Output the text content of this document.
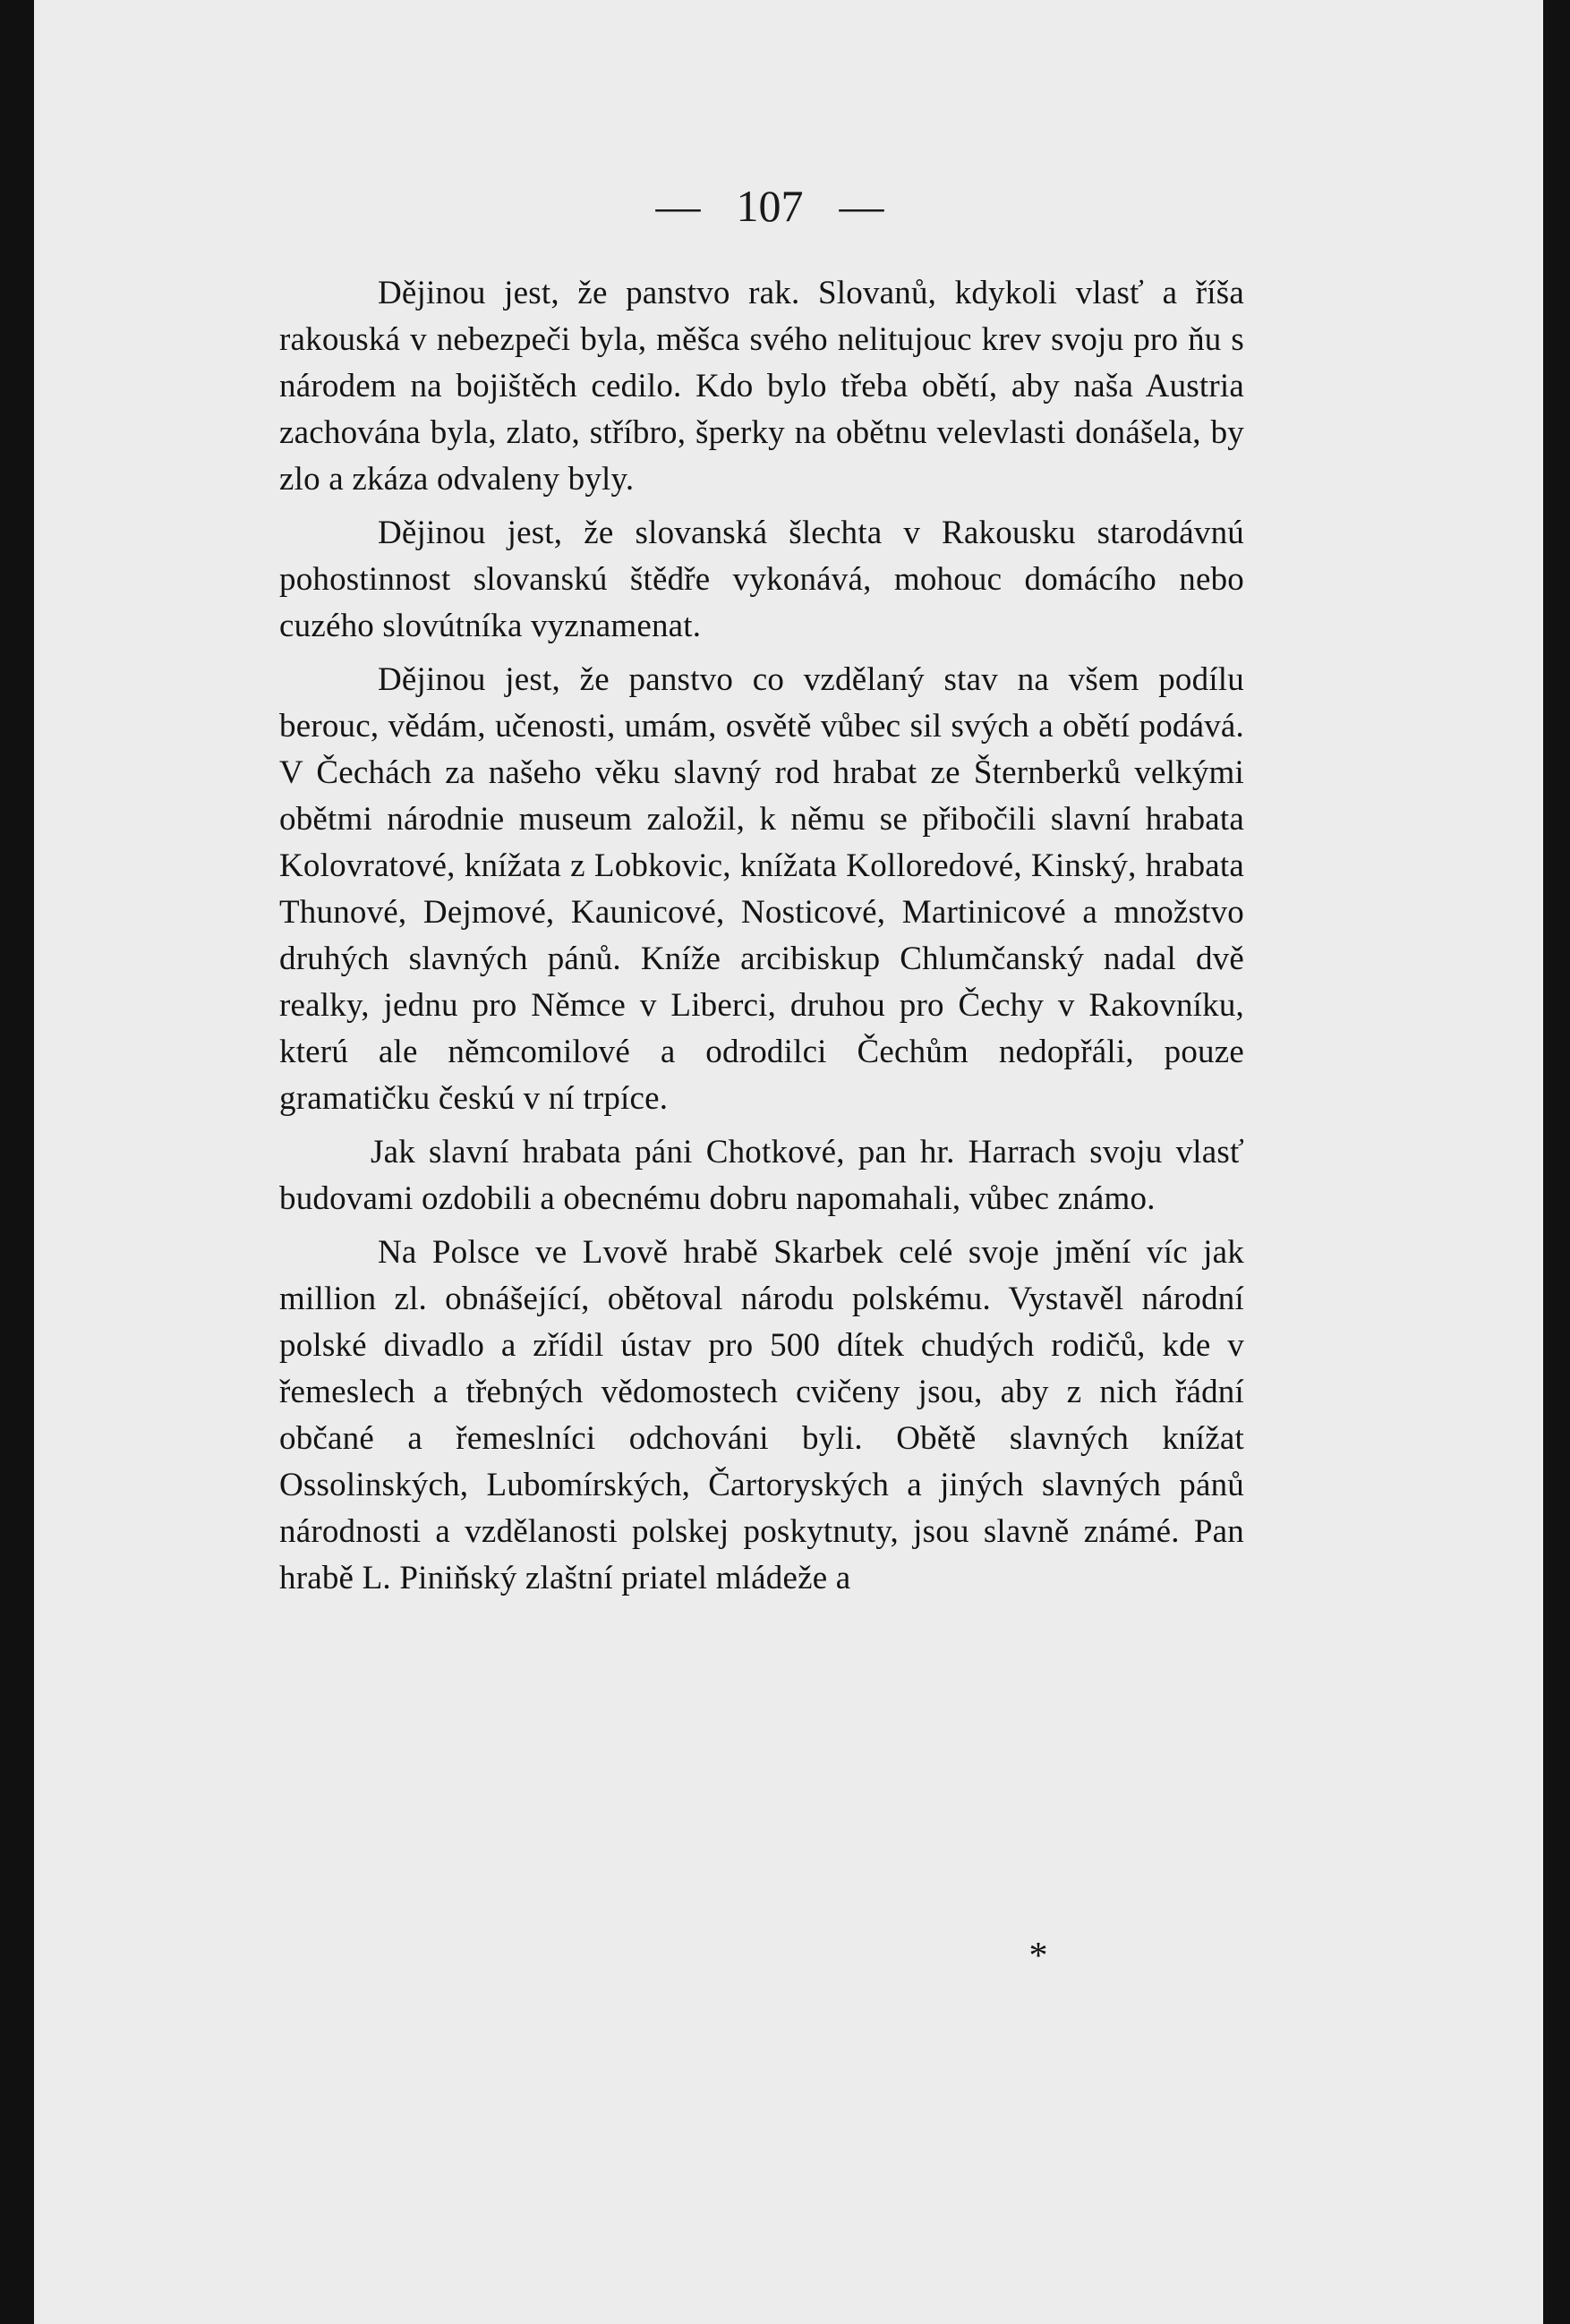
— 107 —

Dějinou jest, že panstvo rak. Slovanů, kdykoli vlasť a říša rakouská v nebezpeči byla, měšca svého nelitujouc krev svoju pro ňu s národem na bojištěch cedilo. Kdo bylo třeba obětí, aby naša Austria zachována byla, zlato, stříbro, šperky na obětnu velevlasti donášela, by zlo a zkáza odvaleny byly.

Dějinou jest, že slovanská šlechta v Rakousku starodávnú pohostinnost slovanskú štědře vykonává, mohouc domácího nebo cuzého slovútníka vyznamenat.

Dějinou jest, že panstvo co vzdělaný stav na všem podílu berouc, vědám, učenosti, umám, osvětě vůbec sil svých a obětí podává. V Čechách za našeho věku slavný rod hrabat ze Šternberků velkými obětmi národnie museum založil, k němu se přibočili slavní hrabata Kolovratové, knížata z Lobkovic, knížata Kolloredové, Kinský, hrabata Thunové, Dejmové, Kaunicové, Nosticové, Martinicové a množstvo druhých slavných pánů. Kníže arcibiskup Chlumčanský nadal dvě realky, jednu pro Němce v Liberci, druhou pro Čechy v Rakovníku, kterú ale němcomilové a odrodilci Čechům nedopřáli, pouze gramatičku českú v ní trpíce.

Jak slavní hrabata páni Chotkové, pan hr. Harrach svoju vlasť budovami ozdobili a obecnému dobru napomahali, vůbec známo.

Na Polsce ve Lvově hrabě Skarbek celé svoje jmění víc jak million zl. obnášející, obětoval národu polskému. Vystavěl národní polské divadlo a zřídil ústav pro 500 dítek chudých rodičů, kde v řemeslech a třebných vědomostech cvičeny jsou, aby z nich řádní občané a řemeslníci odchováni byli. Obětě slavných knížat Ossolinských, Lubomírských, Čartoryských a jiných slavných pánů národnosti a vzdělanosti polskej poskytnuty, jsou slavně známé. Pan hrabě L. Piniňský zlaštní priatel mládeže a

*
